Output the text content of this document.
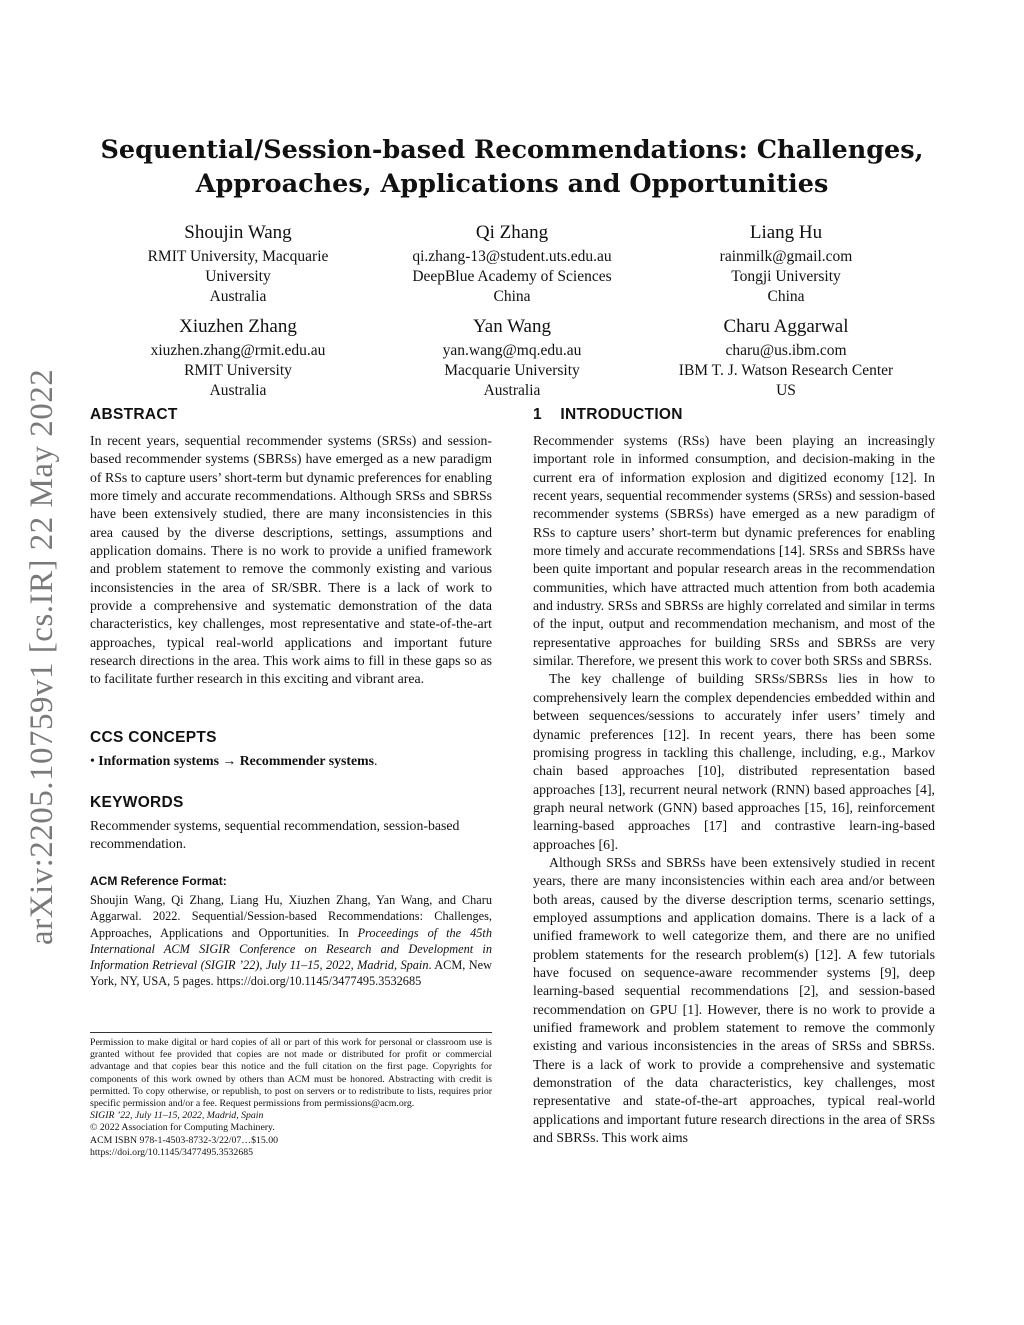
arXiv:2205.10759v1 [cs.IR] 22 May 2022
Sequential/Session-based Recommendations: Challenges,
Approaches, Applications and Opportunities
Shoujin Wang
RMIT University, Macquarie
University
Australia
Qi Zhang
qi.zhang-13@student.uts.edu.au
DeepBlue Academy of Sciences
China
Liang Hu
rainmilk@gmail.com
Tongji University
China
Xiuzhen Zhang
xiuzhen.zhang@rmit.edu.au
RMIT University
Australia
Yan Wang
yan.wang@mq.edu.au
Macquarie University
Australia
Charu Aggarwal
charu@us.ibm.com
IBM T. J. Watson Research Center
US
ABSTRACT
In recent years, sequential recommender systems (SRSs) and session-based recommender systems (SBRSs) have emerged as a new paradigm of RSs to capture users’ short-term but dynamic preferences for enabling more timely and accurate recommendations. Although SRSs and SBRSs have been extensively studied, there are many inconsistencies in this area caused by the diverse descriptions, settings, assumptions and application domains. There is no work to provide a unified framework and problem statement to remove the commonly existing and various inconsistencies in the area of SR/SBR. There is a lack of work to provide a comprehensive and systematic demonstration of the data characteristics, key challenges, most representative and state-of-the-art approaches, typical real-world applications and important future research directions in the area. This work aims to fill in these gaps so as to facilitate further research in this exciting and vibrant area.
CCS CONCEPTS
• Information systems → Recommender systems.
KEYWORDS
Recommender systems, sequential recommendation, session-based recommendation.
ACM Reference Format:
Shoujin Wang, Qi Zhang, Liang Hu, Xiuzhen Zhang, Yan Wang, and Charu Aggarwal. 2022. Sequential/Session-based Recommendations: Challenges, Approaches, Applications and Opportunities. In Proceedings of the 45th International ACM SIGIR Conference on Research and Development in Information Retrieval (SIGIR ’22), July 11–15, 2022, Madrid, Spain. ACM, New York, NY, USA, 5 pages. https://doi.org/10.1145/3477495.3532685
Permission to make digital or hard copies of all or part of this work for personal or classroom use is granted without fee provided that copies are not made or distributed for profit or commercial advantage and that copies bear this notice and the full citation on the first page. Copyrights for components of this work owned by others than ACM must be honored. Abstracting with credit is permitted. To copy otherwise, or republish, to post on servers or to redistribute to lists, requires prior specific permission and/or a fee. Request permissions from permissions@acm.org.
SIGIR ’22, July 11–15, 2022, Madrid, Spain
© 2022 Association for Computing Machinery.
ACM ISBN 978-1-4503-8732-3/22/07…$15.00
https://doi.org/10.1145/3477495.3532685
1 INTRODUCTION
Recommender systems (RSs) have been playing an increasingly important role in informed consumption, and decision-making in the current era of information explosion and digitized economy [12]. In recent years, sequential recommender systems (SRSs) and session-based recommender systems (SBRSs) have emerged as a new paradigm of RSs to capture users’ short-term but dynamic preferences for enabling more timely and accurate recommendations [14]. SRSs and SBRSs have been quite important and popular research areas in the recommendation communities, which have attracted much attention from both academia and industry. SRSs and SBRSs are highly correlated and similar in terms of the input, output and recommendation mechanism, and most of the representative approaches for building SRSs and SBRSs are very similar. Therefore, we present this work to cover both SRSs and SBRSs.
The key challenge of building SRSs/SBRSs lies in how to comprehensively learn the complex dependencies embedded within and between sequences/sessions to accurately infer users’ timely and dynamic preferences [12]. In recent years, there has been some promising progress in tackling this challenge, including, e.g., Markov chain based approaches [10], distributed representation based approaches [13], recurrent neural network (RNN) based approaches [4], graph neural network (GNN) based approaches [15, 16], reinforcement learning-based approaches [17] and contrastive learn-ing-based approaches [6].
Although SRSs and SBRSs have been extensively studied in recent years, there are many inconsistencies within each area and/or between both areas, caused by the diverse description terms, scenario settings, employed assumptions and application domains. There is a lack of a unified framework to well categorize them, and there are no unified problem statements for the research problem(s) [12]. A few tutorials have focused on sequence-aware recommender systems [9], deep learning-based sequential recommendations [2], and session-based recommendation on GPU [1]. However, there is no work to provide a unified framework and problem statement to remove the commonly existing and various inconsistencies in the areas of SRSs and SBRSs. There is a lack of work to provide a comprehensive and systematic demonstration of the data characteristics, key challenges, most representative and state-of-the-art approaches, typical real-world applications and important future research directions in the area of SRSs and SBRSs. This work aims
